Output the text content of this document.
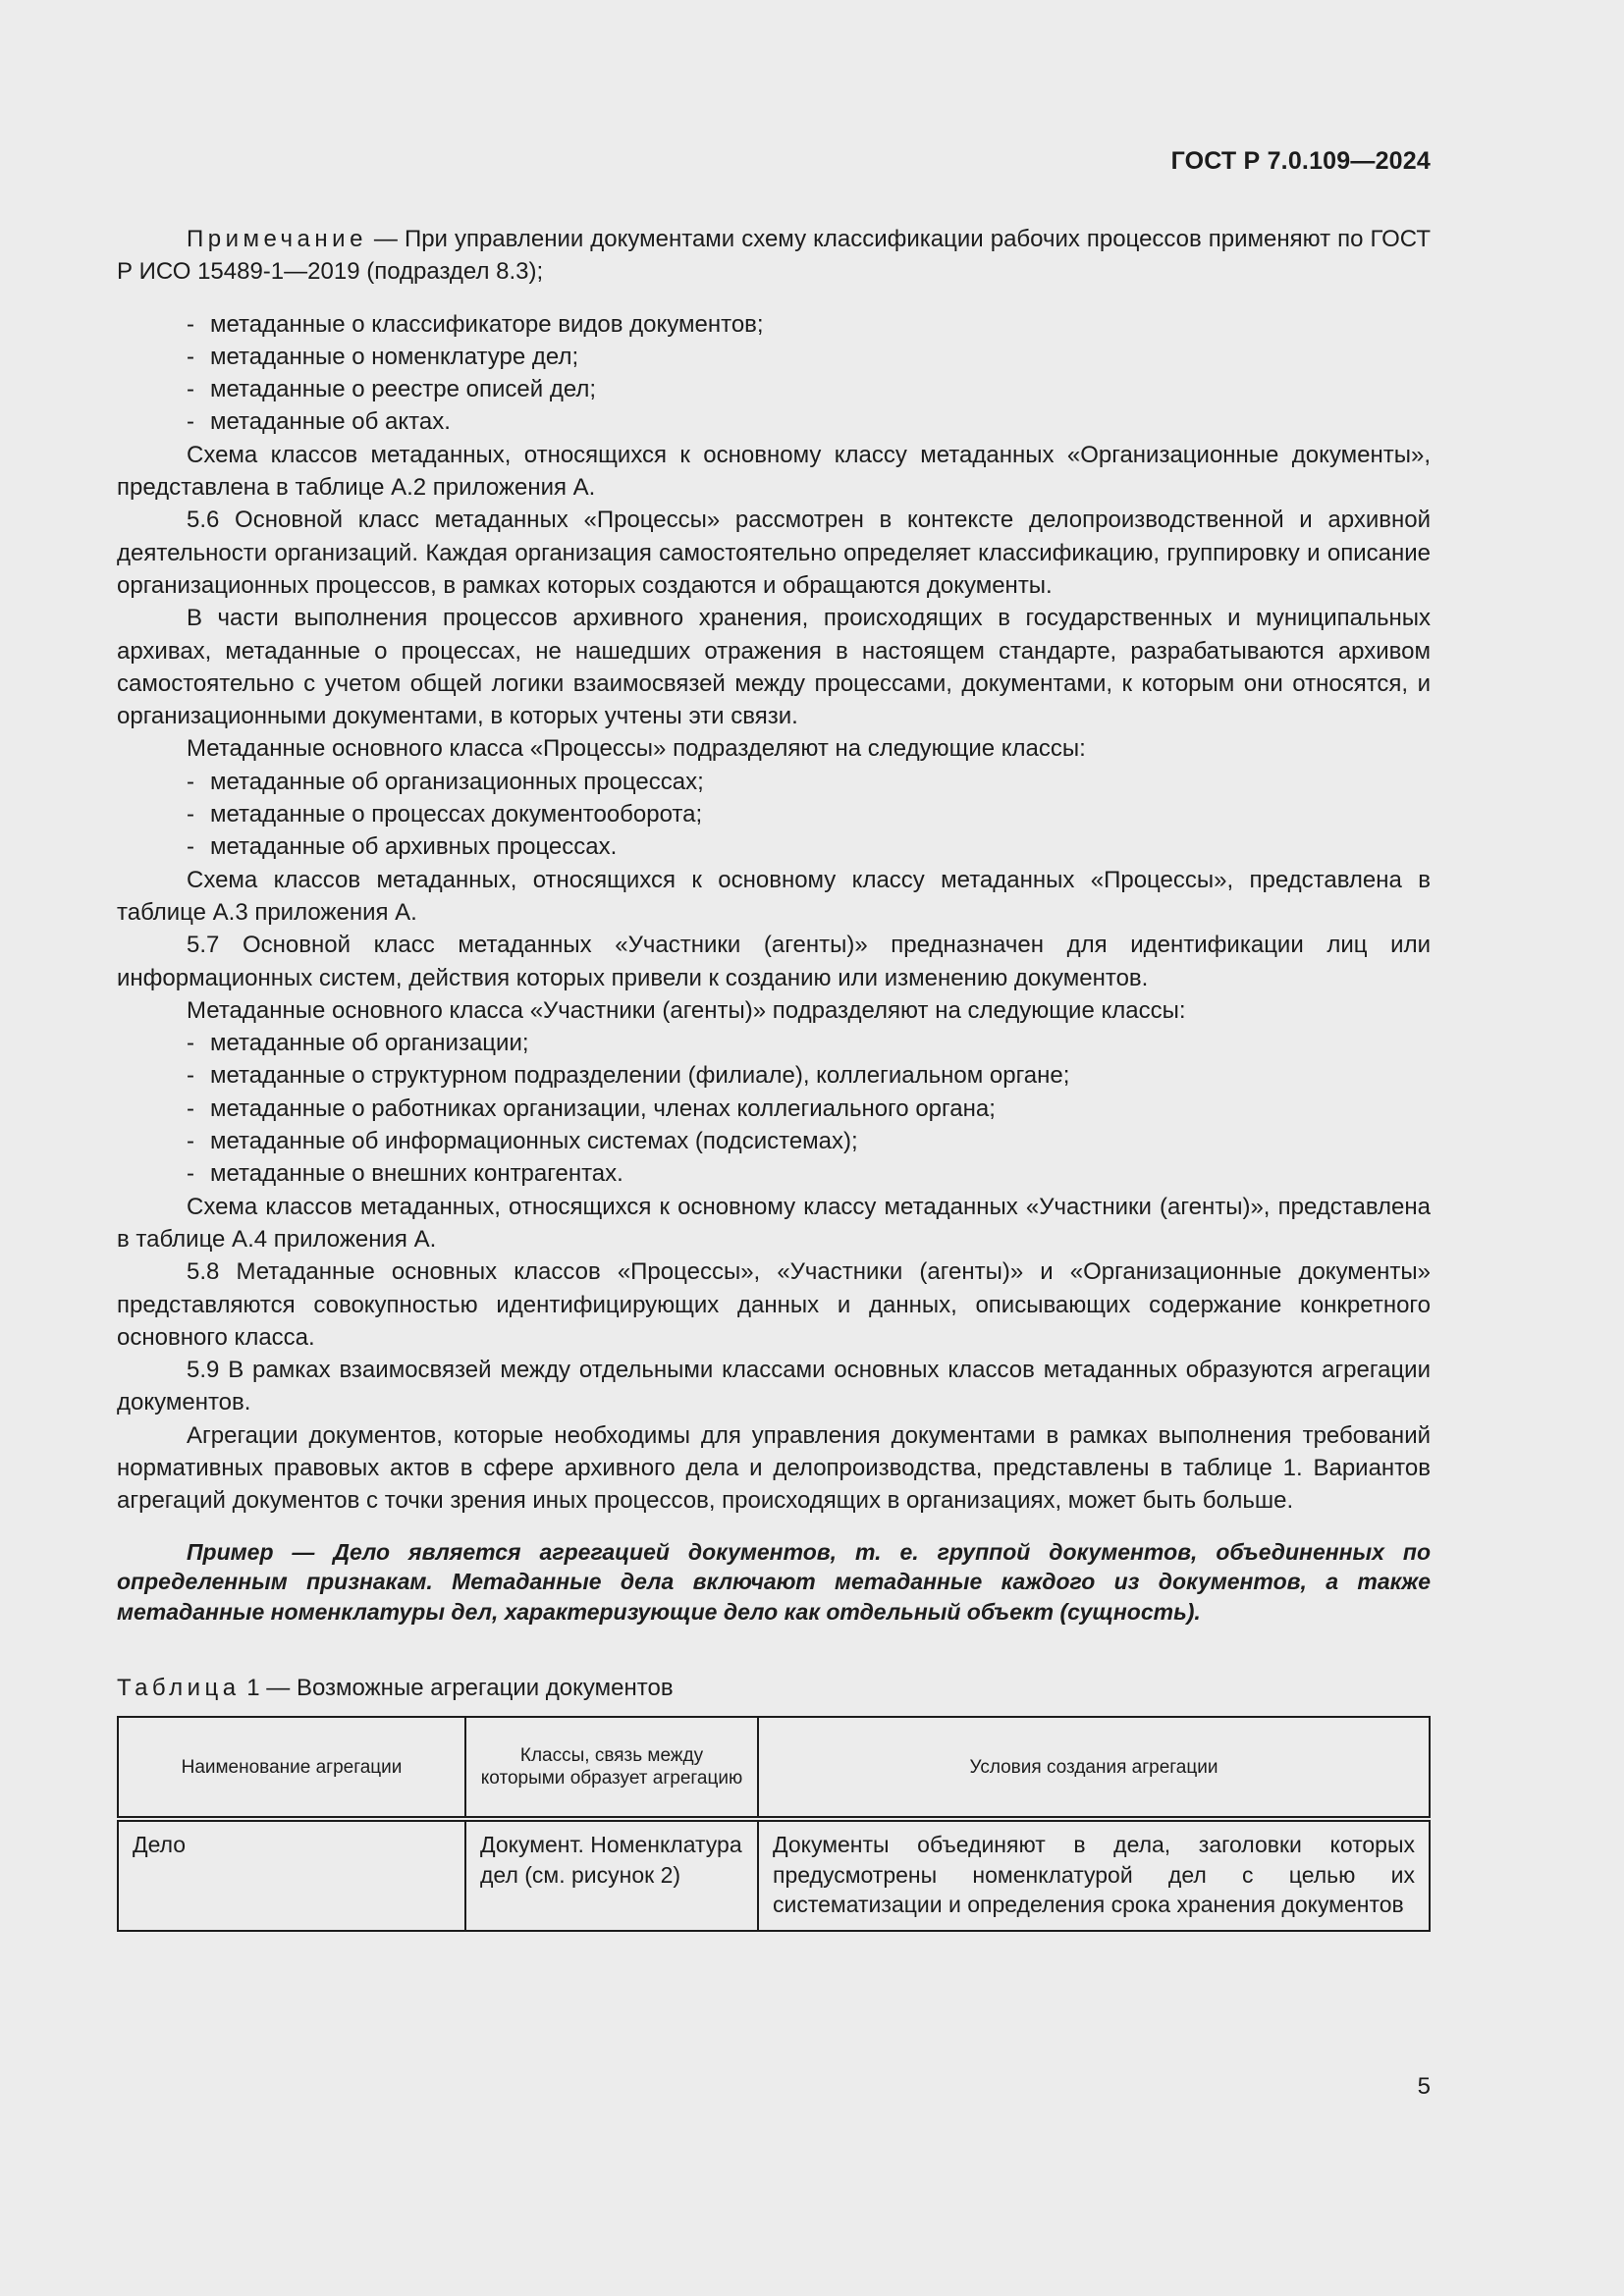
ГОСТ Р 7.0.109—2024

Примечание — При управлении документами схему классификации рабочих процессов применяют по ГОСТ Р ИСО 15489-1—2019 (подраздел 8.3);

- метаданные о классификаторе видов документов;
- метаданные о номенклатуре дел;
- метаданные о реестре описей дел;
- метаданные об актах.

Схема классов метаданных, относящихся к основному классу метаданных «Организационные документы», представлена в таблице А.2 приложения А.

5.6 Основной класс метаданных «Процессы» рассмотрен в контексте делопроизводственной и архивной деятельности организаций. Каждая организация самостоятельно определяет классификацию, группировку и описание организационных процессов, в рамках которых создаются и обращаются документы.

В части выполнения процессов архивного хранения, происходящих в государственных и муниципальных архивах, метаданные о процессах, не нашедших отражения в настоящем стандарте, разрабатываются архивом самостоятельно с учетом общей логики взаимосвязей между процессами, документами, к которым они относятся, и организационными документами, в которых учтены эти связи.

Метаданные основного класса «Процессы» подразделяют на следующие классы:

- метаданные об организационных процессах;
- метаданные о процессах документооборота;
- метаданные об архивных процессах.

Схема классов метаданных, относящихся к основному классу метаданных «Процессы», представлена в таблице А.3 приложения А.

5.7 Основной класс метаданных «Участники (агенты)» предназначен для идентификации лиц или информационных систем, действия которых привели к созданию или изменению документов.

Метаданные основного класса «Участники (агенты)» подразделяют на следующие классы:

- метаданные об организации;
- метаданные о структурном подразделении (филиале), коллегиальном органе;
- метаданные о работниках организации, членах коллегиального органа;
- метаданные об информационных системах (подсистемах);
- метаданные о внешних контрагентах.

Схема классов метаданных, относящихся к основному классу метаданных «Участники (агенты)», представлена в таблице А.4 приложения А.

5.8 Метаданные основных классов «Процессы», «Участники (агенты)» и «Организационные документы» представляются совокупностью идентифицирующих данных и данных, описывающих содержание конкретного основного класса.

5.9 В рамках взаимосвязей между отдельными классами основных классов метаданных образуются агрегации документов.

Агрегации документов, которые необходимы для управления документами в рамках выполнения требований нормативных правовых актов в сфере архивного дела и делопроизводства, представлены в таблице 1. Вариантов агрегаций документов с точки зрения иных процессов, происходящих в организациях, может быть больше.

Пример — Дело является агрегацией документов, т. е. группой документов, объединенных по определенным признакам. Метаданные дела включают метаданные каждого из документов, а также метаданные номенклатуры дел, характеризующие дело как отдельный объект (сущность).

Таблица 1 — Возможные агрегации документов
Наименование агрегации	Классы, связь между которыми образует агрегацию	Условия создания агрегации
Дело	Документ. Номенклатура дел (см. рисунок 2)	Документы объединяют в дела, заголовки которых предусмотрены номенклатурой дел с целью их систематизации и определения срока хранения документов
5
